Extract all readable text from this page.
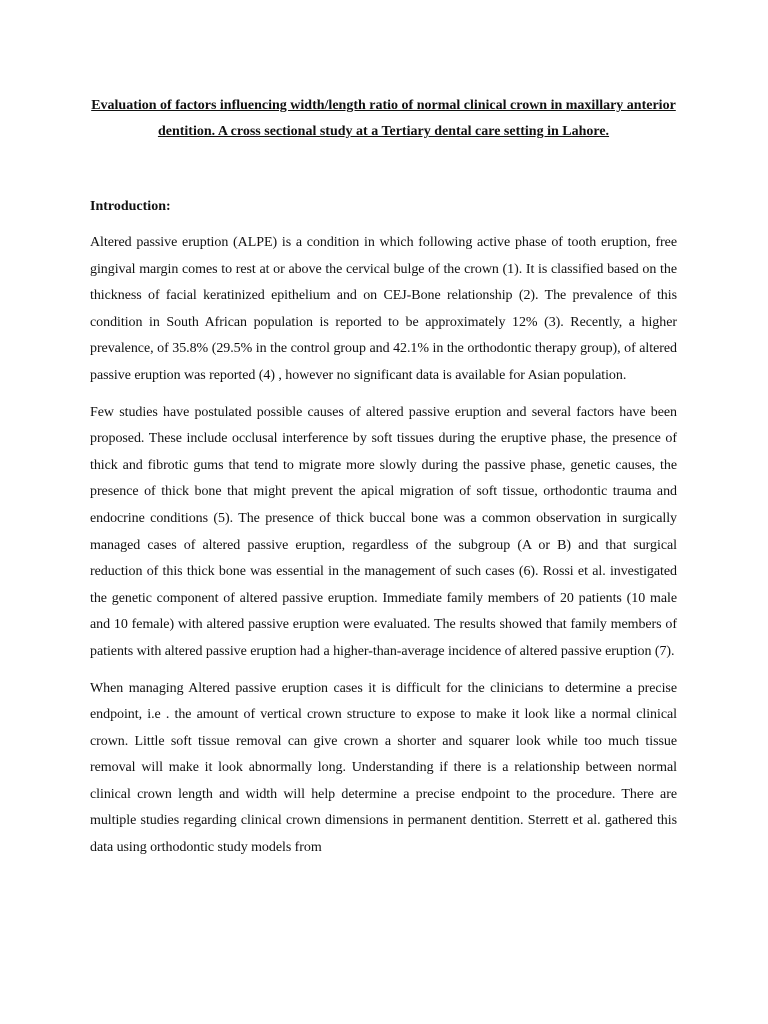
Evaluation of factors influencing width/length ratio of normal clinical crown in maxillary anterior dentition. A cross sectional study at a Tertiary dental care setting in Lahore.
Introduction:

Altered passive eruption (ALPE) is a condition in which following active phase of tooth eruption, free gingival margin comes to rest at or above the cervical bulge of the crown (1). It is classified based on the thickness of facial keratinized epithelium and on CEJ-Bone relationship (2). The prevalence of this condition in South African population is reported to be approximately 12% (3). Recently, a higher prevalence, of 35.8% (29.5% in the control group and 42.1% in the orthodontic therapy group), of altered passive eruption was reported (4) , however no significant data is available for Asian population.

Few studies have postulated possible causes of altered passive eruption and several factors have been proposed. These include occlusal interference by soft tissues during the eruptive phase, the presence of thick and fibrotic gums that tend to migrate more slowly during the passive phase, genetic causes, the presence of thick bone that might prevent the apical migration of soft tissue, orthodontic trauma and endocrine conditions (5). The presence of thick buccal bone was a common observation in surgically managed cases of altered passive eruption, regardless of the subgroup (A or B) and that surgical reduction of this thick bone was essential in the management of such cases (6). Rossi et al. investigated the genetic component of altered passive eruption. Immediate family members of 20 patients (10 male and 10 female) with altered passive eruption were evaluated. The results showed that family members of patients with altered passive eruption had a higher-than-average incidence of altered passive eruption (7).

When managing Altered passive eruption cases it is difficult for the clinicians to determine a precise endpoint, i.e . the amount of vertical crown structure to expose to make it look like a normal clinical crown. Little soft tissue removal can give crown a shorter and squarer look while too much tissue removal will make it look abnormally long. Understanding if there is a relationship between normal clinical crown length and width will help determine a precise endpoint to the procedure. There are multiple studies regarding clinical crown dimensions in permanent dentition. Sterrett et al. gathered this data using orthodontic study models from
